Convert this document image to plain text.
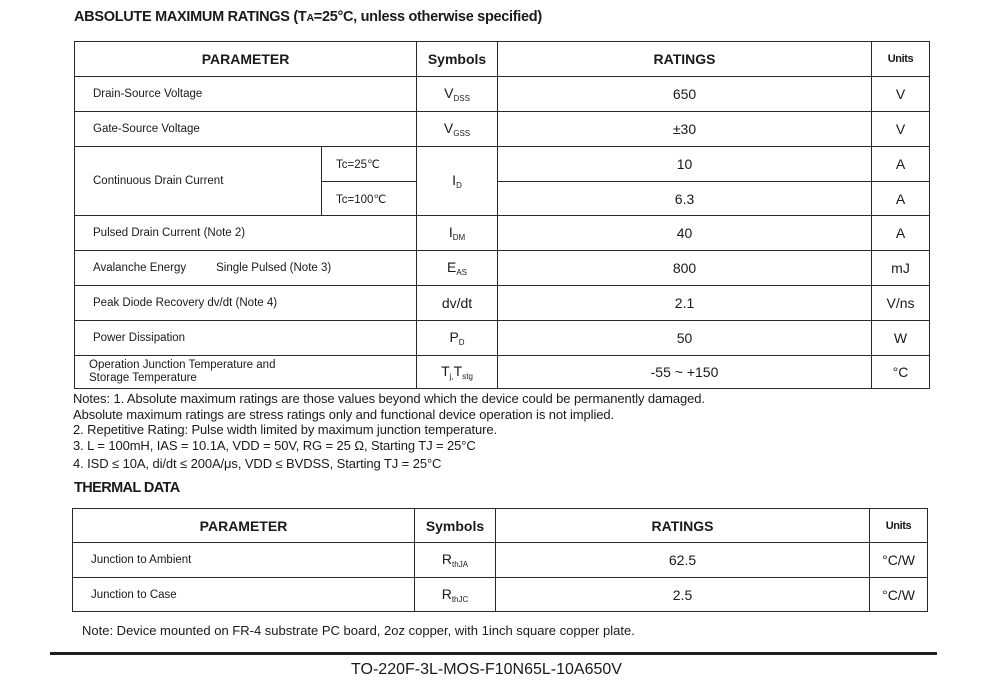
ABSOLUTE MAXIMUM RATINGS (TA=25°C, unless otherwise specified)
PARAMETER		Symbols	RATINGS	Units
Drain-Source Voltage		$V_{DSS}$	650	V
Gate-Source Voltage		$V_{GSS}$	±30	V
Continuous Drain Current	Tc=25℃	$I_D$	10	A
	Tc=100℃		6.3	A
Pulsed Drain Current (Note 2)		$I_{DM}$	40	A
Avalanche Energy Single Pulsed (Note 3)		$E_{AS}$	800	mJ
Peak Diode Recovery dv/dt (Note 4)		dv/dt	2.1	V/ns
Power Dissipation		$P_D$	50	W

Operation Junction Temperature and
Storage Temperature		$T_{j,}T_{stg}$	-55 ~ +150	°C
Notes: 1. Absolute maximum ratings are those values beyond which the device could be permanently damaged.
Absolute maximum ratings are stress ratings only and functional device operation is not implied.
2. Repetitive Rating: Pulse width limited by maximum junction temperature.
3. L = 100mH, IAS = 10.1A, VDD = 50V, RG = 25 Ω, Starting TJ = 25°C
4. ISD ≤ 10A, di/dt ≤ 200A/μs, VDD ≤ BVDSS, Starting TJ = 25°C
THERMAL DATA
PARAMETER	Symbols	RATINGS	Units
Junction to Ambient	$R_{thJA}$	62.5	°C/W
Junction to Case	$R_{thJC}$	2.5	°C/W
Note: Device mounted on FR-4 substrate PC board, 2oz copper, with 1inch square copper plate.
TO-220F-3L-MOS-F10N65L-10A650V
